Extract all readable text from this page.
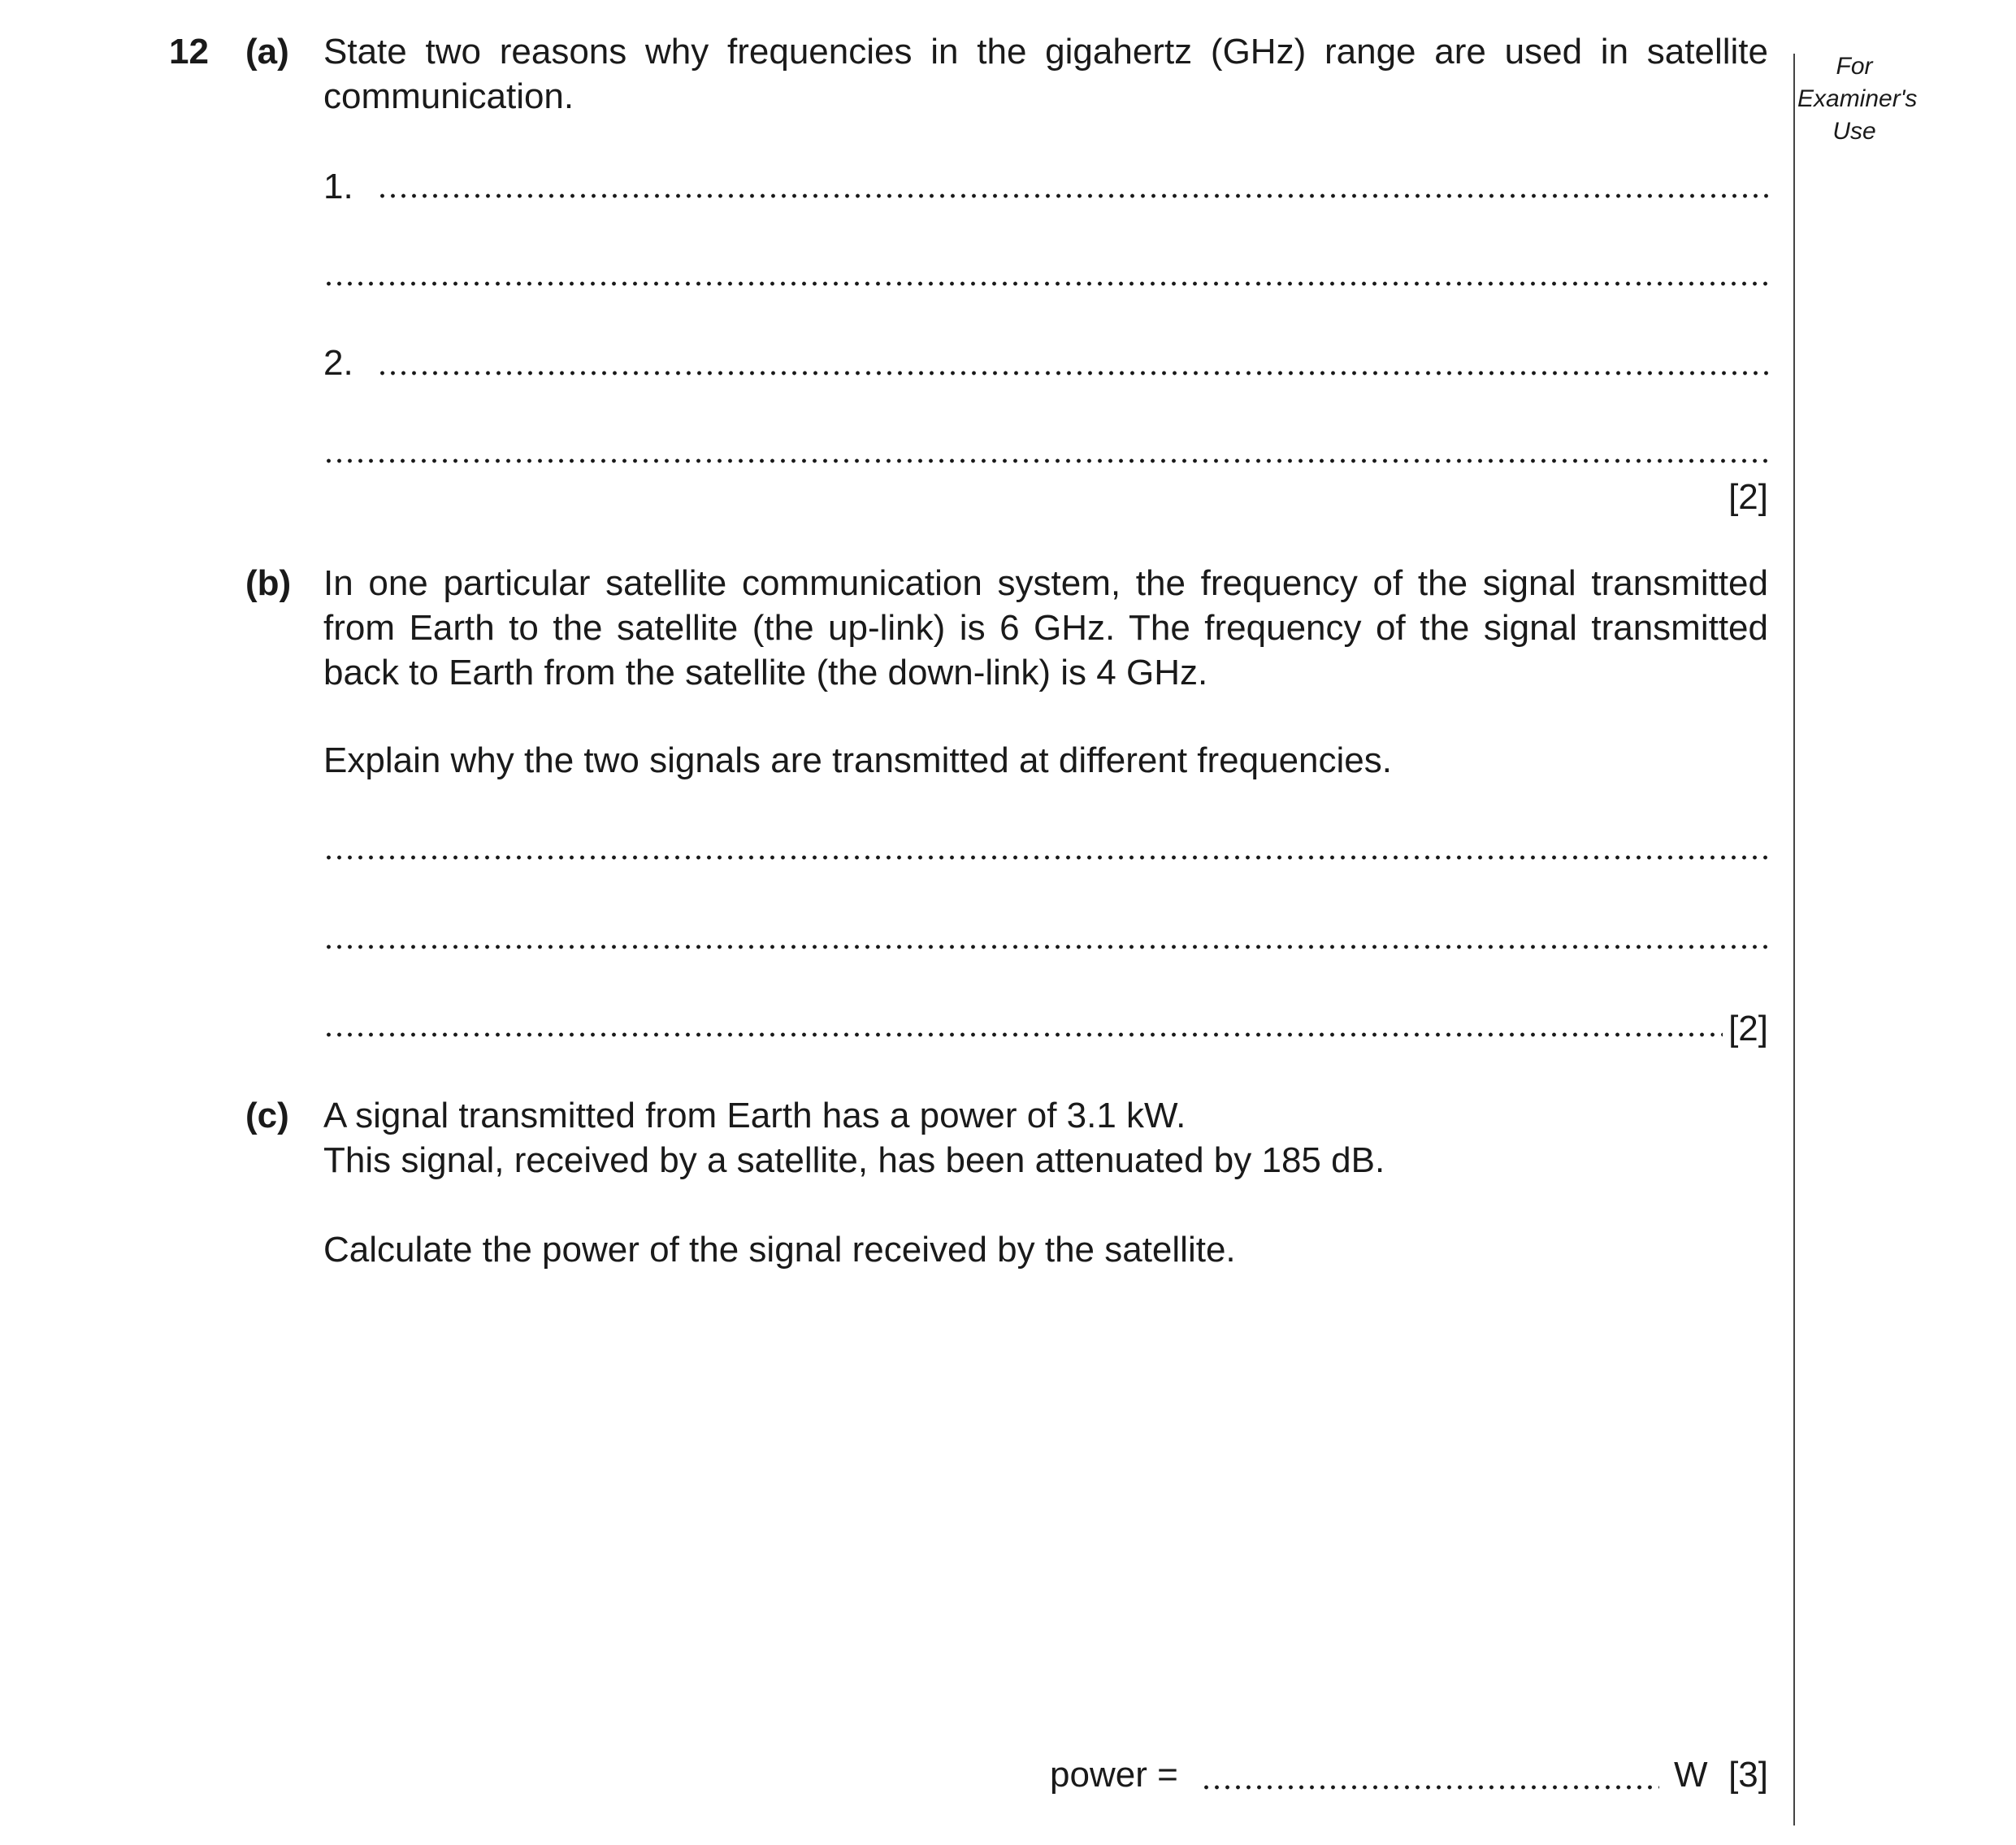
For
Examiner's
Use
12 (a) State two reasons why frequencies in the gigahertz (GHz) range are used in satellite
communication.
1.
2.
[2]
(b) In one particular satellite communication system, the frequency of the signal transmitted
from Earth to the satellite (the up-link) is 6 GHz. The frequency of the signal transmitted
back to Earth from the satellite (the down-link) is 4 GHz.
Explain why the two signals are transmitted at different frequencies.
[2]
(c) A signal transmitted from Earth has a power of 3.1 kW.
This signal, received by a satellite, has been attenuated by 185 dB.
Calculate the power of the signal received by the satellite.
power =	W [3]
